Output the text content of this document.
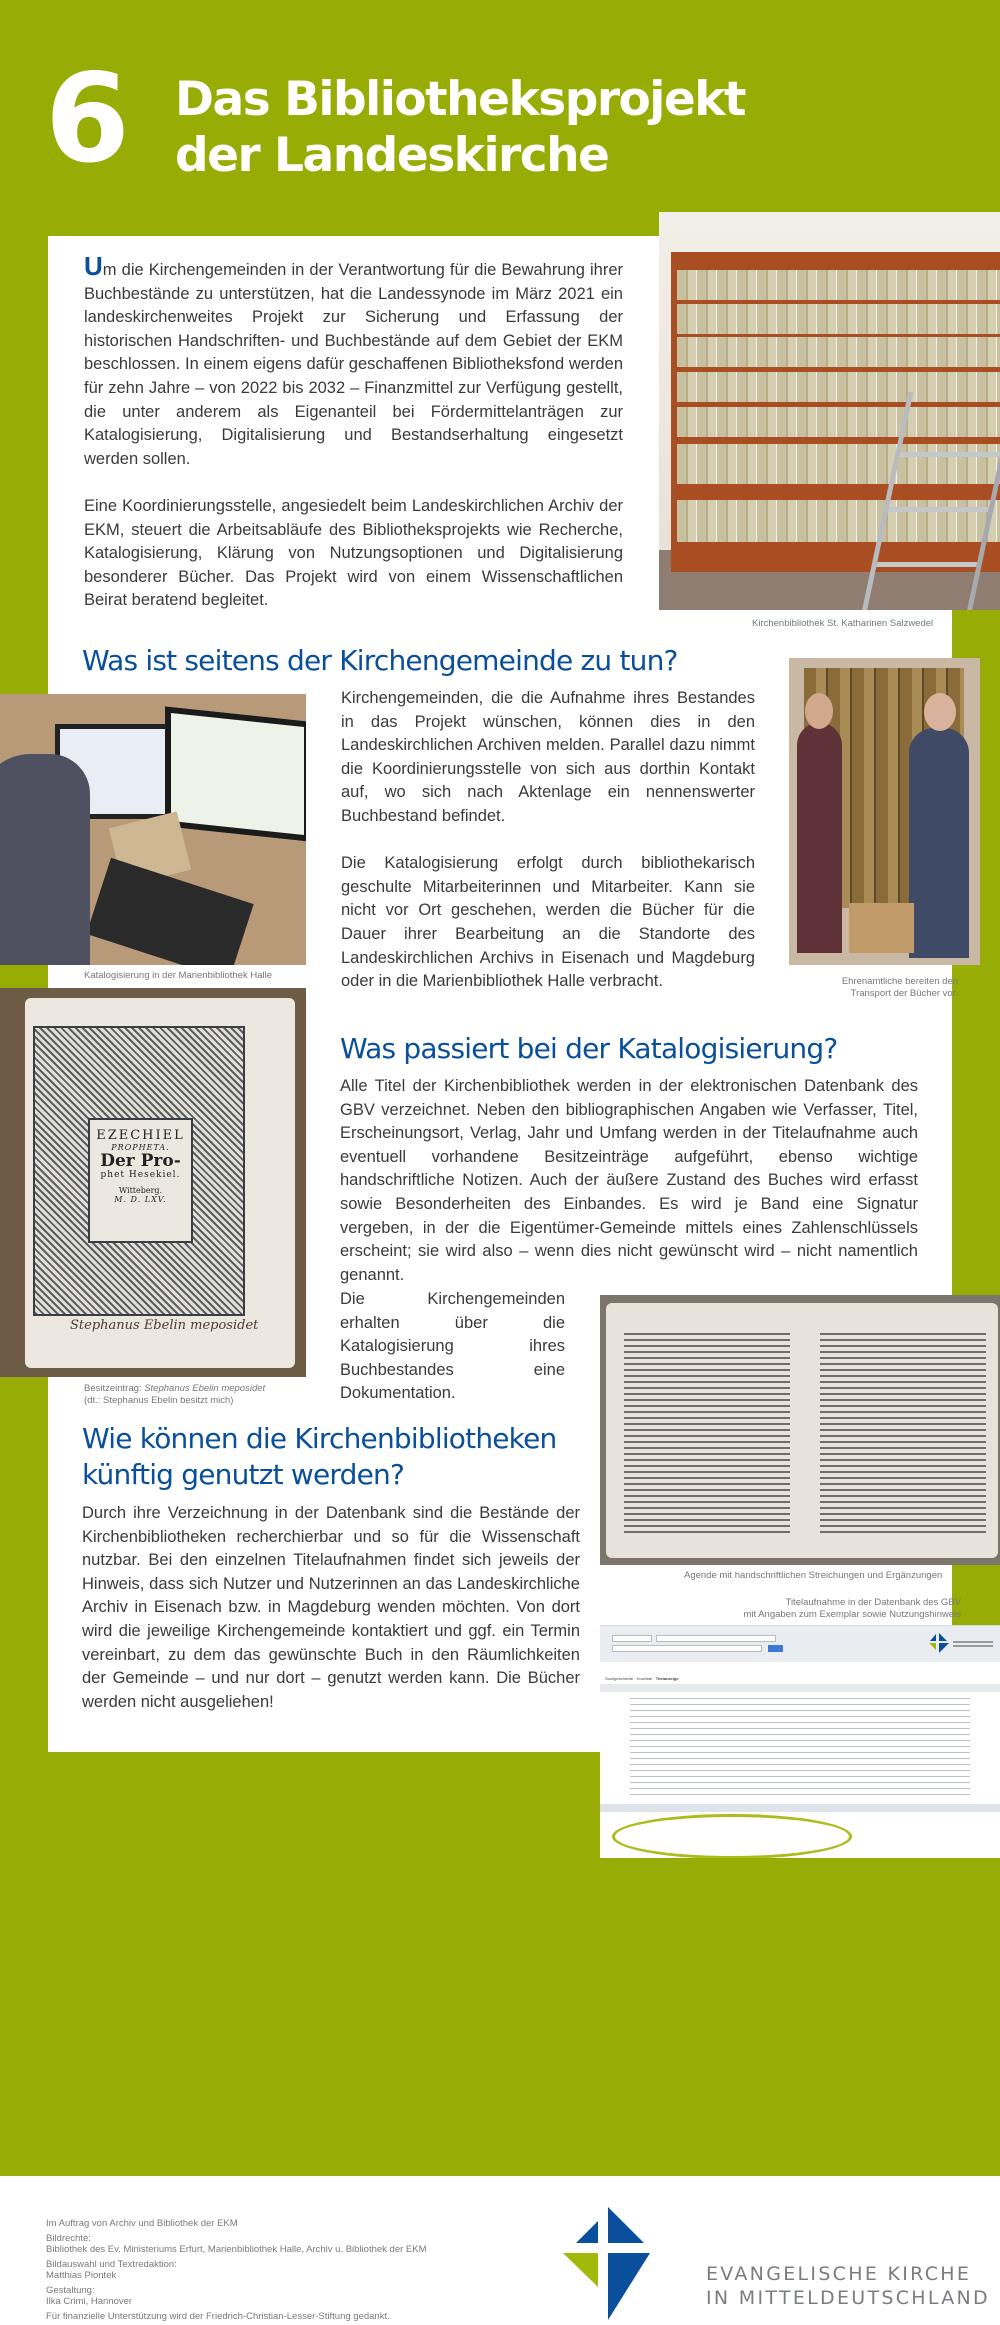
6 Das Bibliotheksprojekt
der Landeskirche

Um die Kirchengemeinden in der Verantwortung für die Bewahrung ihrer Buchbestände zu unterstützen, hat die Landessynode im März 2021 ein landeskirchenweites Projekt zur Sicherung und Erfassung der historischen Handschriften- und Buchbestände auf dem Gebiet der EKM beschlossen. In einem eigens dafür geschaffenen Bibliotheksfond werden für zehn Jahre – von 2022 bis 2032 – Finanzmittel zur Verfügung gestellt, die unter anderem als Eigenanteil bei Fördermittelanträgen zur Katalogisierung, Digitalisierung und Bestandserhaltung eingesetzt werden sollen.

Eine Koordinierungsstelle, angesiedelt beim Landeskirchlichen Archiv der EKM, steuert die Arbeitsabläufe des Bibliotheksprojekts wie Recherche, Katalogisierung, Klärung von Nutzungsoptionen und Digitalisierung besonderer Bücher. Das Projekt wird von einem Wissenschaftlichen Beirat beratend begleitet.

Kirchenbibliothek St. Katharinen Salzwedel
Was ist seitens der Kirchengemeinde zu tun?
Katalogisierung in der Marienbibliothek Halle

Kirchengemeinden, die die Aufnahme ihres Bestandes in das Projekt wünschen, können dies in den Landeskirchlichen Archiven melden. Parallel dazu nimmt die Koordinierungsstelle von sich aus dorthin Kontakt auf, wo sich nach Aktenlage ein nennenswerter Buchbestand befindet.

Die Katalogisierung erfolgt durch bibliothekarisch geschulte Mitarbeiterinnen und Mitarbeiter. Kann sie nicht vor Ort geschehen, werden die Bücher für die Dauer ihrer Bearbeitung an die Standorte des Landeskirchlichen Archivs in Eisenach und Magdeburg oder in die Marienbibliothek Halle verbracht.	Ehrenamtliche bereiten den
Transport der Bücher vor.
EZECHIEL
PROPHETA.
Der Pro-
phet Hesekiel.
Witteberg.
M. D. LXV.
Stephanus Ebelin meposidet
Besitzeintrag: Stephanus Ebelin meposidet
(dt.: Stephanus Ebelin besitzt mich)
Was passiert bei der Katalogisierung?

Alle Titel der Kirchenbibliothek werden in der elektronischen Datenbank des GBV verzeichnet. Neben den bibliographischen Angaben wie Verfasser, Titel, Erscheinungsort, Verlag, Jahr und Umfang werden in der Titelaufnahme auch eventuell vorhandene Besitzeinträge aufgeführt, ebenso wichtige handschriftliche Notizen. Auch der äußere Zustand des Buches wird erfasst sowie Besonderheiten des Einbandes. Es wird je Band eine Signatur vergeben, in der die Eigentümer-Gemeinde mittels eines Zahlenschlüssels erscheint; sie wird also – wenn dies nicht gewünscht wird – nicht namentlich genannt.

Die Kirchengemeinden erhalten über die Katalogisierung ihres Buchbestandes eine Dokumentation.

Agende mit handschriftlichen Streichungen und Ergänzungen
Titelaufnahme in der Datenbank des GBV
mit Angaben zum Exemplar sowie Nutzungshinweis
Suchgeschichte · Kurzliste · Titelanzeige
Wie können die Kirchenbibliotheken
künftig genutzt werden?

Durch ihre Verzeichnung in der Datenbank sind die Bestände der Kirchenbibliotheken recherchierbar und so für die Wissenschaft nutzbar. Bei den einzelnen Titelaufnahmen findet sich jeweils der Hinweis, dass sich Nutzer und Nutzerinnen an das Landeskirchliche Archiv in Eisenach bzw. in Magdeburg wenden möchten. Von dort wird die jeweilige Kirchengemeinde kontaktiert und ggf. ein Termin vereinbart, zu dem das gewünschte Buch in den Räumlichkeiten der Gemeinde – und nur dort – genutzt werden kann. Die Bücher werden nicht ausgeliehen!

Im Auftrag von Archiv und Bibliothek der EKM
Bildrechte:
Bibliothek des Ev. Ministeriums Erfurt, Marienbibliothek Halle, Archiv u. Bibliothek der EKM
Bildauswahl und Textredaktion:
Matthias Piontek
Gestaltung:
Ilka Crimi, Hannover
Für finanzielle Unterstützung wird der Friedrich-Christian-Lesser-Stiftung gedankt.
EVANGELISCHE KIRCHE
IN MITTELDEUTSCHLAND
